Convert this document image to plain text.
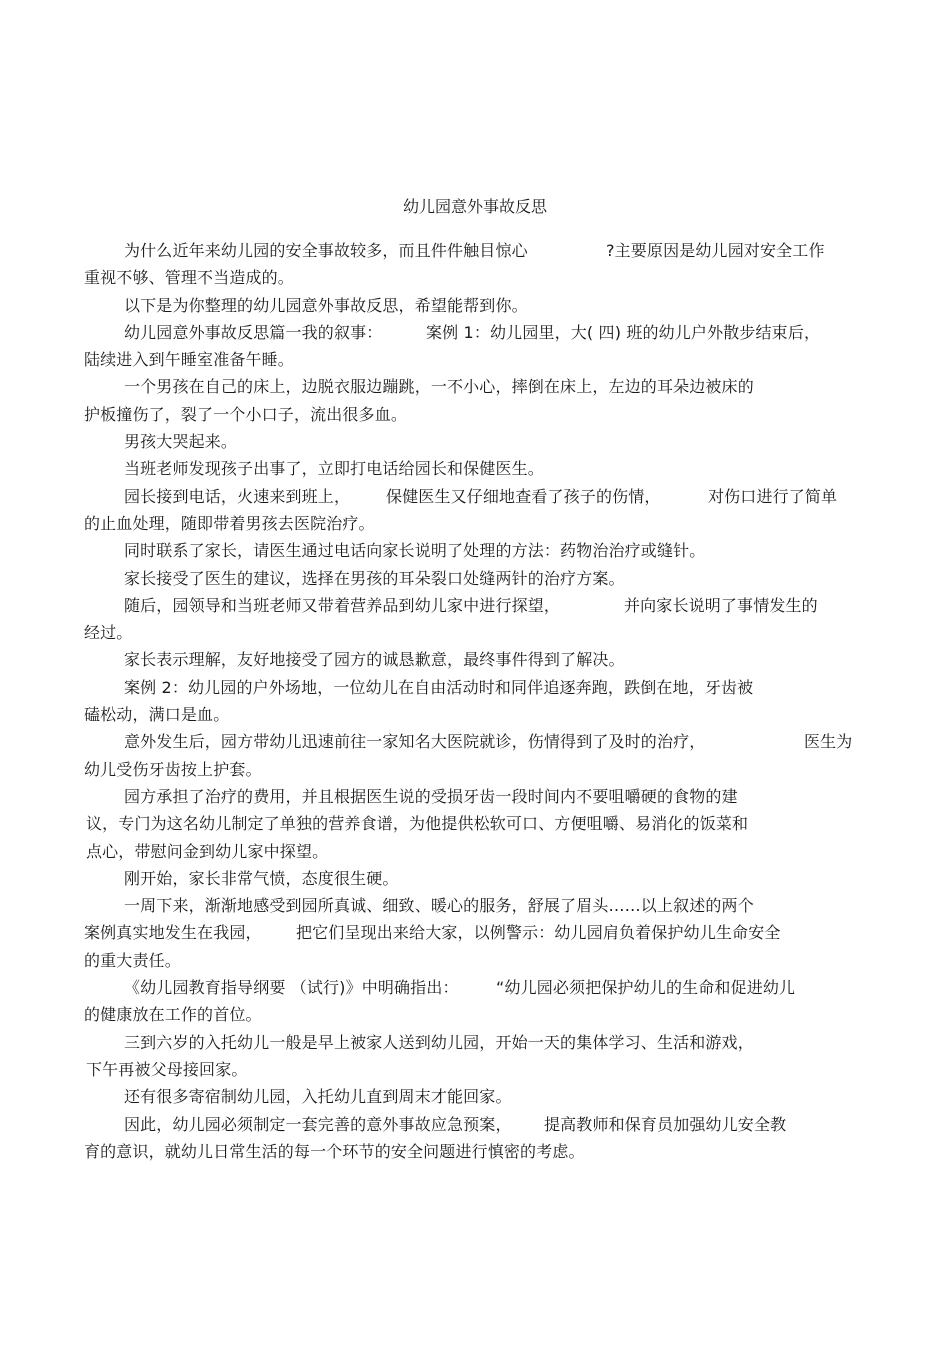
幼儿园意外事故反思
为什么近年来幼儿园的安全事故较多，而且件件触目惊心	?主要原因是幼儿园对安全工作
重视不够、管理不当造成的。
以下是为你整理的幼儿园意外事故反思，希望能帮到你。
幼儿园意外事故反思篇一我的叙事：	案例 1：幼儿园里，大( 四) 班的幼儿户外散步结束后，
陆续进入到午睡室准备午睡。
一个男孩在自己的床上，边脱衣服边蹦跳，一不小心，摔倒在床上，左边的耳朵边被床的
护板撞伤了，裂了一个小口子，流出很多血。
男孩大哭起来。
当班老师发现孩子出事了，立即打电话给园长和保健医生。
园长接到电话，火速来到班上， 保健医生又仔细地查看了孩子的伤情，	对伤口进行了简单
的止血处理，随即带着男孩去医院治疗。
同时联系了家长，请医生通过电话向家长说明了处理的方法：药物治治疗或缝针。
家长接受了医生的建议，选择在男孩的耳朵裂口处缝两针的治疗方案。
随后，园领导和当班老师又带着营养品到幼儿家中进行探望，	并向家长说明了事情发生的
经过。
家长表示理解，友好地接受了园方的诚恳歉意，最终事件得到了解决。
案例 2：幼儿园的户外场地，一位幼儿在自由活动时和同伴追逐奔跑，跌倒在地，牙齿被
磕松动，满口是血。
意外发生后，园方带幼儿迅速前往一家知名大医院就诊，伤情得到了及时的治疗，	医生为
幼儿受伤牙齿按上护套。
园方承担了治疗的费用，并且根据医生说的受损牙齿一段时间内不要咀嚼硬的食物的建
议，专门为这名幼儿制定了单独的营养食谱，为他提供松软可口、方便咀嚼、易消化的饭菜和
点心，带慰问金到幼儿家中探望。
刚开始，家长非常气愤，态度很生硬。
一周下来，渐渐地感受到园所真诚、细致、暖心的服务，舒展了眉头……以上叙述的两个
案例真实地发生在我园， 把它们呈现出来给大家，以例警示：幼儿园肩负着保护幼儿生命安全
的重大责任。
《幼儿园教育指导纲要 （试行)》中明确指出： “幼儿园必须把保护幼儿的生命和促进幼儿
的健康放在工作的首位。
三到六岁的入托幼儿一般是早上被家人送到幼儿园，开始一天的集体学习、生活和游戏，
下午再被父母接回家。
还有很多寄宿制幼儿园，入托幼儿直到周末才能回家。
因此，幼儿园必须制定一套完善的意外事故应急预案， 提高教师和保育员加强幼儿安全教
育的意识，就幼儿日常生活的每一个环节的安全问题进行慎密的考虑。
